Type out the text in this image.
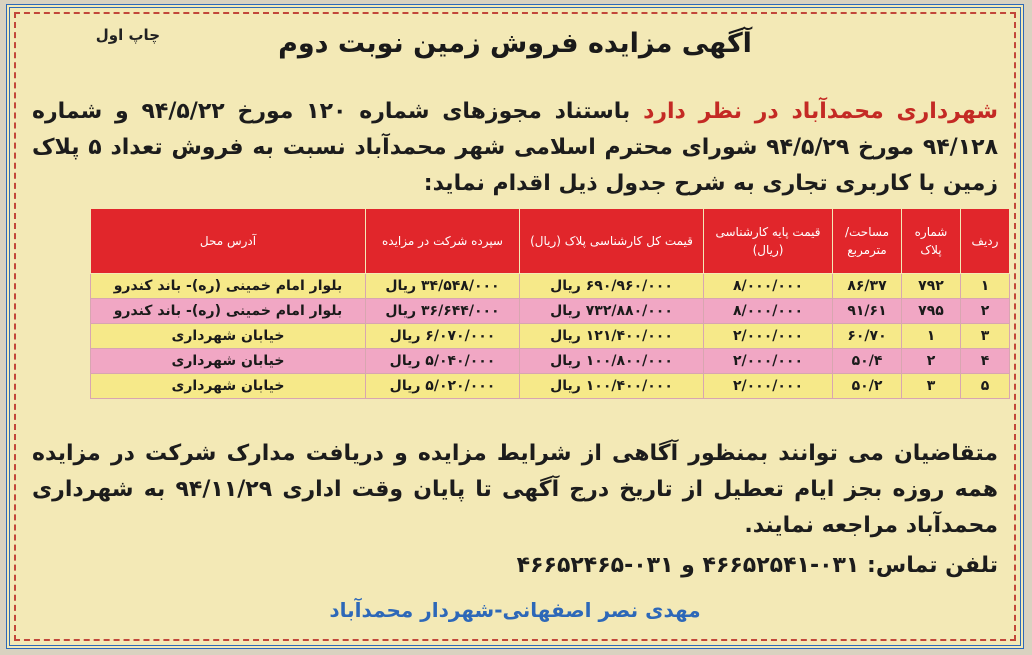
چاپ اول	آگهی مزایده فروش زمین نوبت دوم
شهرداری محمدآباد در نظر دارد باستناد مجوزهای شماره ۱۲۰ مورخ ۹۴/۵/۲۲ و شماره ۹۴/۱۲۸ مورخ ۹۴/۵/۲۹ شورای محترم اسلامی شهر محمدآباد نسبت به فروش تعداد ۵ پلاک زمین با کاربری تجاری به شرح جدول ذیل اقدام نماید:
ردیف	شماره پلاک	مساحت/ مترمربع	قیمت پایه کارشناسی (ریال)	قیمت کل کارشناسی پلاک (ریال)	سپرده شرکت در مزایده	آدرس محل
۱	۷۹۲	۸۶/۳۷	۸/۰۰۰/۰۰۰	۶۹۰/۹۶۰/۰۰۰ ریال	۳۴/۵۴۸/۰۰۰ ریال	بلوار امام خمینی (ره)- باند کندرو
۲	۷۹۵	۹۱/۶۱	۸/۰۰۰/۰۰۰	۷۳۲/۸۸۰/۰۰۰ ریال	۳۶/۶۴۴/۰۰۰ ریال	بلوار امام خمینی (ره)- باند کندرو
۳	۱	۶۰/۷۰	۲/۰۰۰/۰۰۰	۱۲۱/۴۰۰/۰۰۰ ریال	۶/۰۷۰/۰۰۰ ریال	خیابان شهرداری
۴	۲	۵۰/۴	۲/۰۰۰/۰۰۰	۱۰۰/۸۰۰/۰۰۰ ریال	۵/۰۴۰/۰۰۰ ریال	خیابان شهرداری
۵	۳	۵۰/۲	۲/۰۰۰/۰۰۰	۱۰۰/۴۰۰/۰۰۰ ریال	۵/۰۲۰/۰۰۰ ریال	خیابان شهرداری
متقاضیان می توانند بمنظور آگاهی از شرایط مزایده و دریافت مدارک شرکت در مزایده همه روزه بجز ایام تعطیل از تاریخ درج آگهی تا پایان وقت اداری ۹۴/۱۱/۲۹ به شهرداری محمدآباد مراجعه نمایند.
تلفن تماس: ۰۳۱-۴۶۶۵۲۵۴۱ و ۰۳۱-۴۶۶۵۲۴۶۵
مهدی نصر اصفهانی-شهردار محمدآباد
